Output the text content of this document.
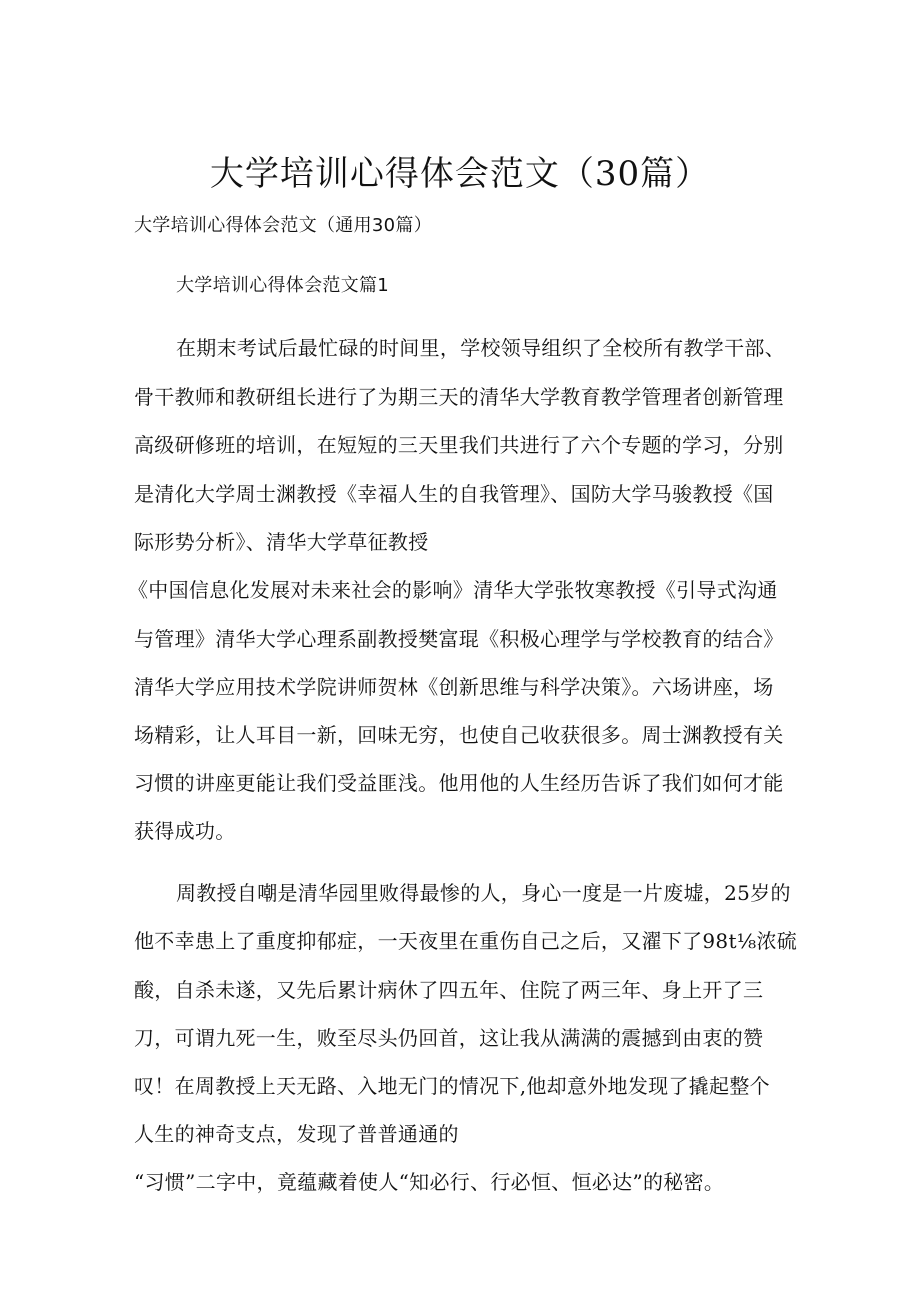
大学培训心得体会范文（30篇）
大学培训心得体会范文（通用30篇）
大学培训心得体会范文篇1
在期末考试后最忙碌的时间里，学校领导组织了全校所有教学干部、
骨干教师和教研组长进行了为期三天的清华大学教育教学管理者创新管理
高级研修班的培训，在短短的三天里我们共进行了六个专题的学习，分别
是清化大学周士渊教授《幸福人生的自我管理》、国防大学马骏教授《国
际形势分析》、清华大学草征教授
《中国信息化发展对未来社会的影响》清华大学张牧寒教授《引导式沟通
与管理》清华大学心理系副教授樊富琨《积极心理学与学校教育的结合》
清华大学应用技术学院讲师贺林《创新思维与科学决策》。六场讲座，场
场精彩，让人耳目一新，回味无穷，也使自己收获很多。周士渊教授有关
习惯的讲座更能让我们受益匪浅。他用他的人生经历告诉了我们如何才能
获得成功。
周教授自嘲是清华园里败得最惨的人，身心一度是一片废墟，25岁的
他不幸患上了重度抑郁症，一天夜里在重伤自己之后，又濯下了98t⅛浓硫
酸，自杀未遂，又先后累计病休了四五年、住院了两三年、身上开了三
刀，可谓九死一生，败至尽头仍回首，这让我从满满的震撼到由衷的赞
叹！在周教授上天无路、入地无门的情况下,他却意外地发现了撬起整个
人生的神奇支点，发现了普普通通的
“习惯”二字中，竟蕴藏着使人“知必行、行必恒、恒必达”的秘密。
